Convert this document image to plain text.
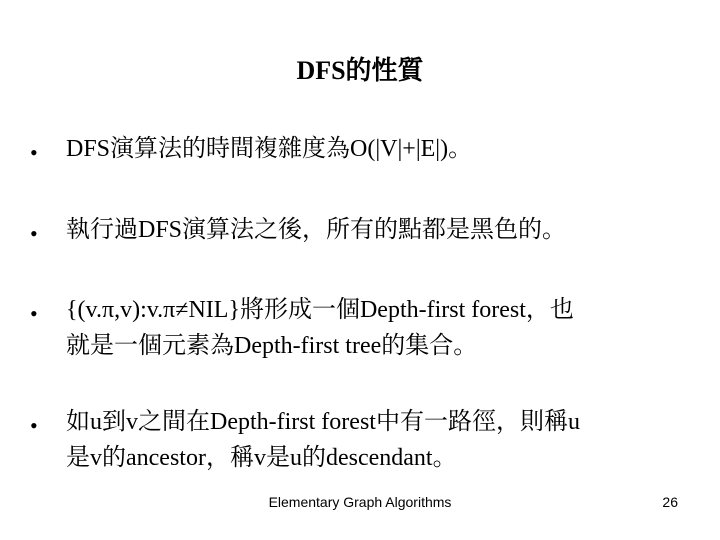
DFS的性質
•	DFS演算法的時間複雜度為O(|V|+|E|)。
•	執行過DFS演算法之後，所有的點都是黑色的。
•	{(v.π,v):v.π≠NIL}將形成一個Depth-first forest，也
就是一個元素為Depth-first tree的集合。
•	如u到v之間在Depth-first forest中有一路徑，則稱u
是v的ancestor，稱v是u的descendant。
Elementary Graph Algorithms	26
